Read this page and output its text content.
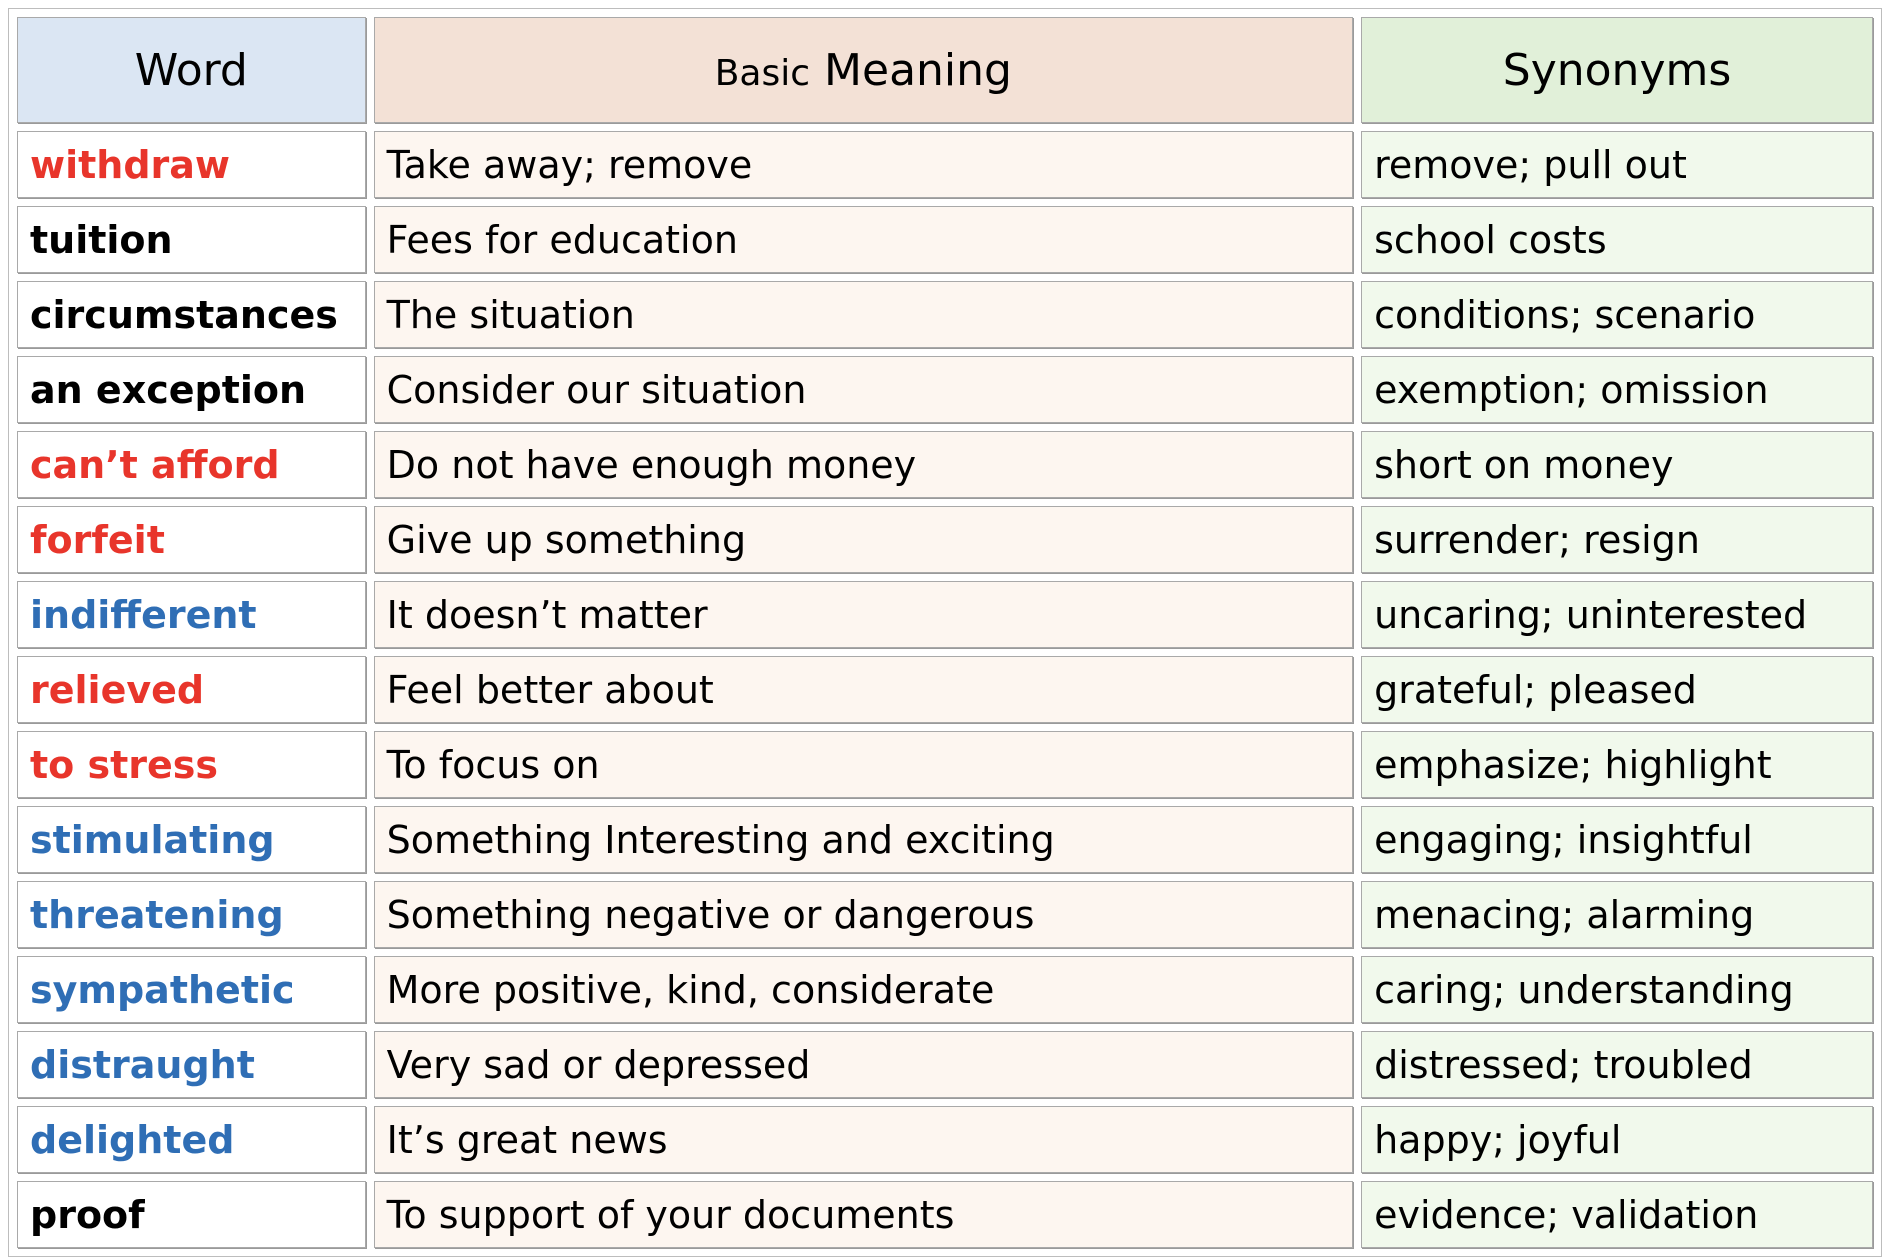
Word	Basic Meaning	Synonyms
withdraw	Take away; remove	remove; pull out
tuition	Fees for education	school costs
circumstances	The situation	conditions; scenario
an exception	Consider our situation	exemption; omission
can’t afford	Do not have enough money	short on money
forfeit	Give up something	surrender; resign
indifferent	It doesn’t matter	uncaring; uninterested
relieved	Feel better about	grateful; pleased
to stress	To focus on	emphasize; highlight
stimulating	Something Interesting and exciting	engaging; insightful
threatening	Something negative or dangerous	menacing; alarming
sympathetic	More positive, kind, considerate	caring; understanding
distraught	Very sad or depressed	distressed; troubled
delighted	It’s great news	happy; joyful
proof	To support of your documents	evidence; validation
